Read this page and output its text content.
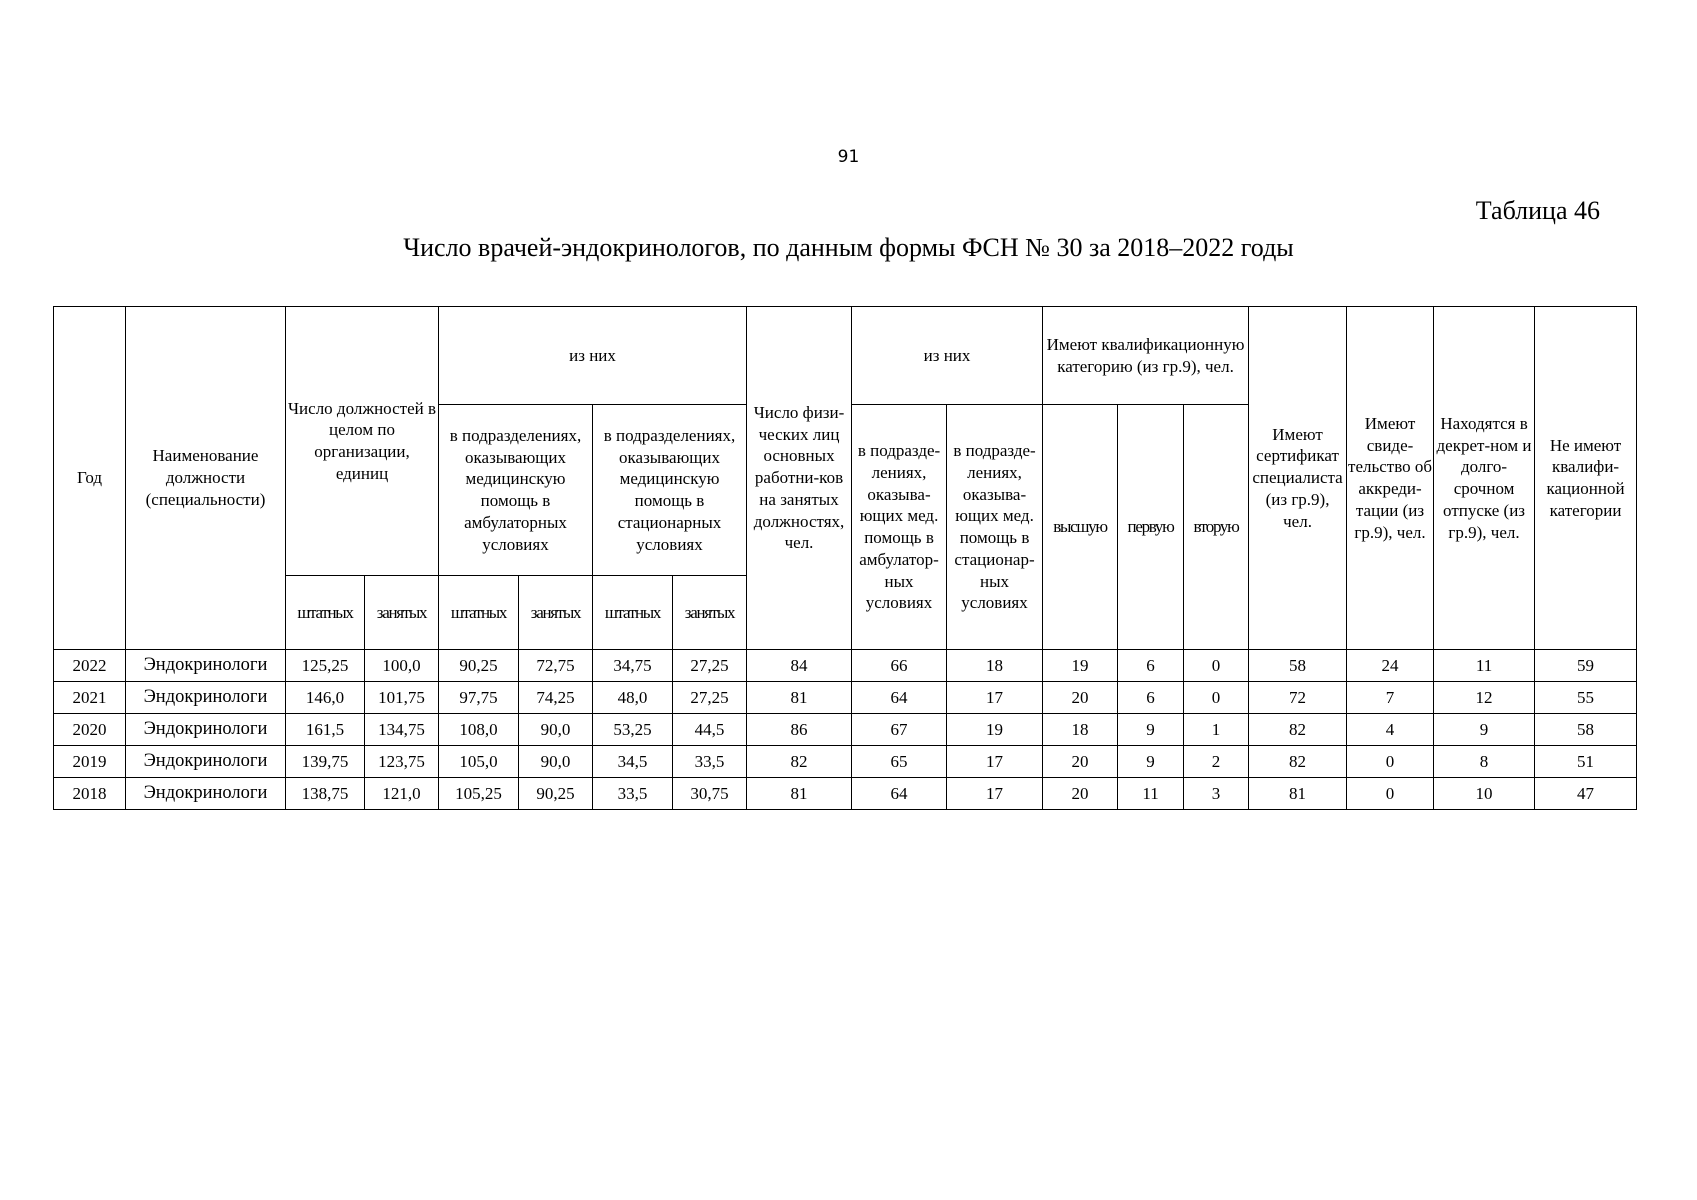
91
Таблица 46
Число врачей-эндокринологов, по данным формы ФСН № 30 за 2018–2022 годы
Год	Наименование должности (специальности)	Число должностей в целом по организации, единиц		из них				Число физи-ческих лиц основных работни-ков на занятых должностях, чел.	из них		Имеют квалификационную категорию (из гр.9), чел.			Имеют сертификат специалиста (из гр.9), чел.	Имеют свиде-тельство об аккреди-тации (из гр.9), чел.	Находятся в декрет-ном и долго-срочном отпуске (из гр.9), чел.	Не имеют квалифи-кационной категории
				в подразделениях, оказывающих медицинскую помощь в амбулаторных условиях		в подразделениях, оказывающих медицинскую помощь в стационарных условиях			в подразде-лениях, оказыва-ющих мед. помощь в амбулатор-ных условиях	в подразде-лениях, оказыва-ющих мед. помощь в стационар-ных условиях	высшую	первую	вторую				
		штатных	занятых	штатных	занятых	штатных	занятых										
2022	Эндокринологи	125,25	100,0	90,25	72,75	34,75	27,25	84	66	18	19	6	0	58	24	11	59
2021	Эндокринологи	146,0	101,75	97,75	74,25	48,0	27,25	81	64	17	20	6	0	72	7	12	55
2020	Эндокринологи	161,5	134,75	108,0	90,0	53,25	44,5	86	67	19	18	9	1	82	4	9	58
2019	Эндокринологи	139,75	123,75	105,0	90,0	34,5	33,5	82	65	17	20	9	2	82	0	8	51
2018	Эндокринологи	138,75	121,0	105,25	90,25	33,5	30,75	81	64	17	20	11	3	81	0	10	47
